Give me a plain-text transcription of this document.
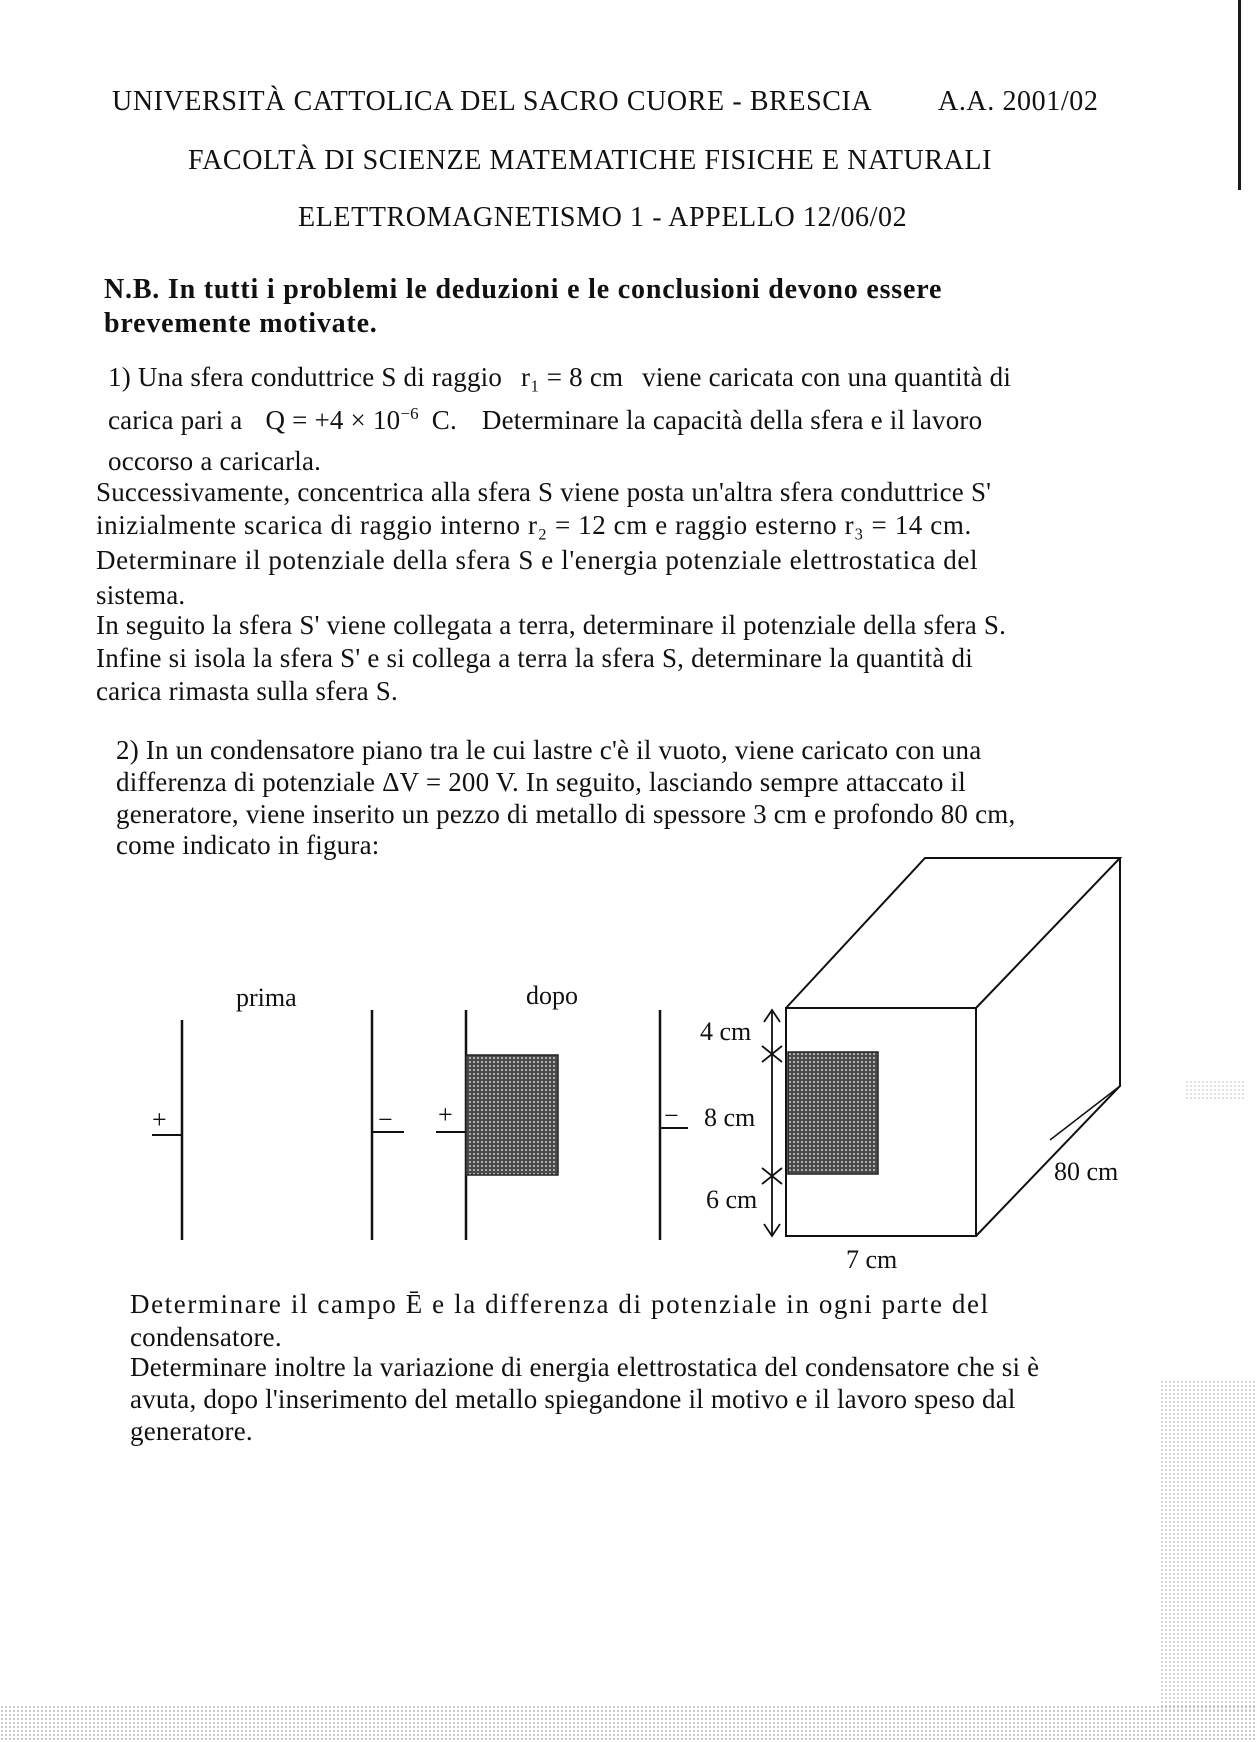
UNIVERSITÀ CATTOLICA DEL SACRO CUORE - BRESCIA A.A. 2001/02
FACOLTÀ DI SCIENZE MATEMATICHE FISICHE E NATURALI
ELETTROMAGNETISMO 1 - APPELLO 12/06/02
N.B. In tutti i problemi le deduzioni e le conclusioni devono essere
brevemente motivate.
1) Una sfera conduttrice S di raggio r₁ = 8 cm viene caricata con una quantità di
carica pari a $Q = +4 \times 10^{-6}$ C. Determinare la capacità della sfera e il lavoro
occorso a caricarla.
Successivamente, concentrica alla sfera S viene posta un'altra sfera conduttrice S'
inizialmente scarica di raggio interno r₂ = 12 cm e raggio esterno r₃ = 14 cm.
Determinare il potenziale della sfera S e l'energia potenziale elettrostatica del
sistema.
In seguito la sfera S' viene collegata a terra, determinare il potenziale della sfera S.
Infine si isola la sfera S' e si collega a terra la sfera S, determinare la quantità di
carica rimasta sulla sfera S.
2) In un condensatore piano tra le cui lastre c'è il vuoto, viene caricato con una
differenza di potenziale ΔV = 200 V. In seguito, lasciando sempre attaccato il
generatore, viene inserito un pezzo di metallo di spessore 3 cm e profondo 80 cm,
come indicato in figura:
+	−
prima
+	−
dopo
4 cm
8 cm
6 cm
7 cm
80 cm
Determinare il campo Ē e la differenza di potenziale in ogni parte del
condensatore.
Determinare inoltre la variazione di energia elettrostatica del condensatore che si è
avuta, dopo l'inserimento del metallo spiegandone il motivo e il lavoro speso dal
generatore.
